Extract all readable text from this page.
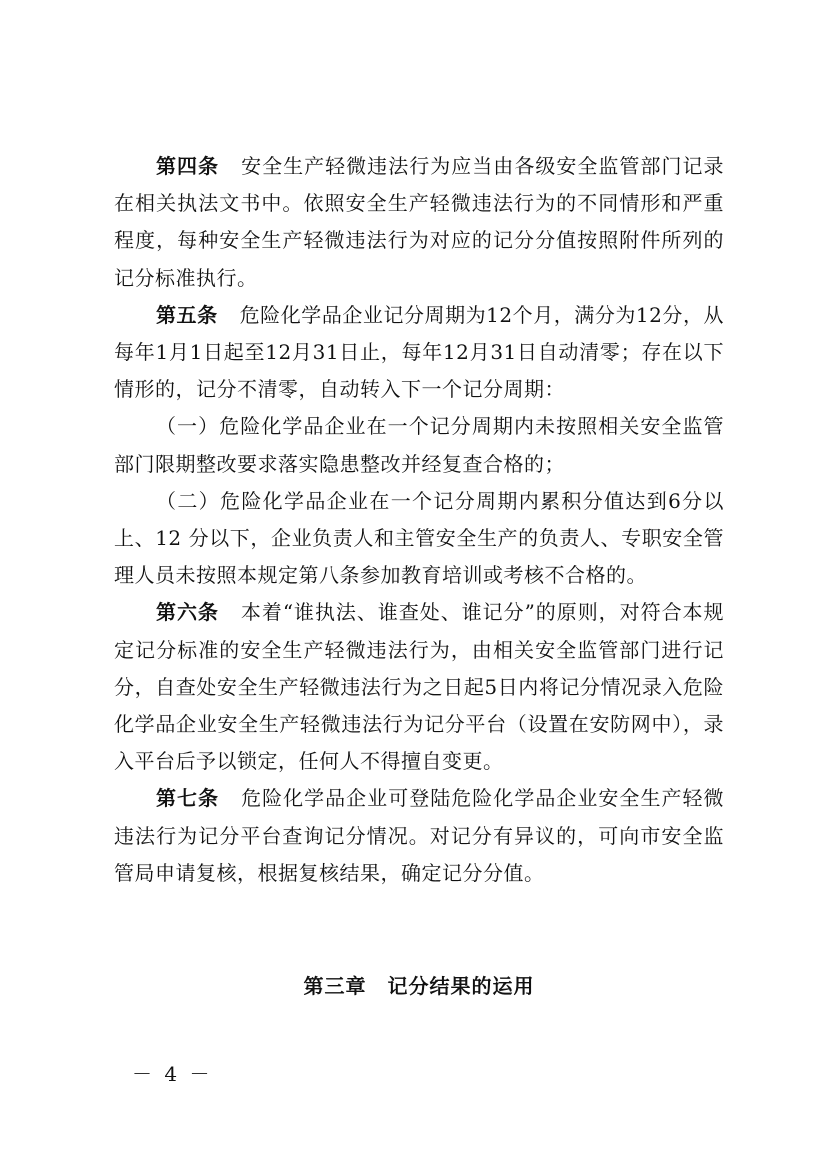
第四条 安全生产轻微违法行为应当由各级安全监管部门记录在相关执法文书中。依照安全生产轻微违法行为的不同情形和严重程度，每种安全生产轻微违法行为对应的记分分值按照附件所列的记分标准执行。

第五条 危险化学品企业记分周期为12个月，满分为12分，从每年1月1日起至12月31日止，每年12月31日自动清零；存在以下情形的，记分不清零，自动转入下一个记分周期：

（一）危险化学品企业在一个记分周期内未按照相关安全监管部门限期整改要求落实隐患整改并经复查合格的；

（二）危险化学品企业在一个记分周期内累积分值达到6分以上、12 分以下，企业负责人和主管安全生产的负责人、专职安全管理人员未按照本规定第八条参加教育培训或考核不合格的。

第六条 本着“谁执法、谁查处、谁记分”的原则，对符合本规定记分标准的安全生产轻微违法行为，由相关安全监管部门进行记分，自查处安全生产轻微违法行为之日起5日内将记分情况录入危险化学品企业安全生产轻微违法行为记分平台（设置在安防网中），录入平台后予以锁定，任何人不得擅自变更。

第七条 危险化学品企业可登陆危险化学品企业安全生产轻微违法行为记分平台查询记分情况。对记分有异议的，可向市安全监管局申请复核，根据复核结果，确定记分分值。

第三章　记分结果的运用
－ 4 －
